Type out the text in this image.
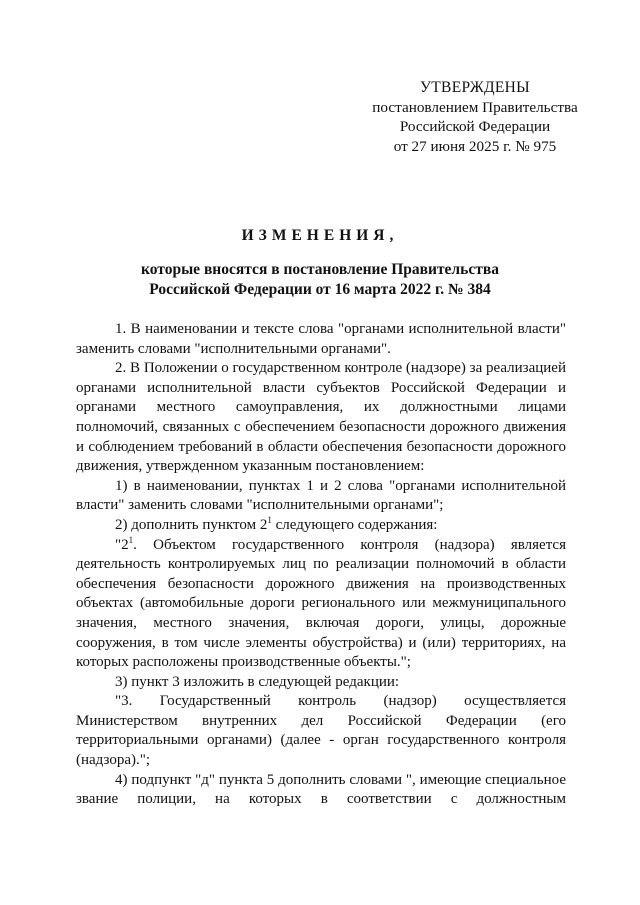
УТВЕРЖДЕНЫ
постановлением Правительства
Российской Федерации
от 27 июня 2025 г. № 975
ИЗМЕНЕНИЯ,
которые вносятся в постановление Правительства
Российской Федерации от 16 марта 2022 г. № 384

1. В наименовании и тексте слова "органами исполнительной власти" заменить словами "исполнительными органами".

2. В Положении о государственном контроле (надзоре) за реализацией органами исполнительной власти субъектов Российской Федерации и органами местного самоуправления, их должностными лицами полномочий, связанных с обеспечением безопасности дорожного движения и соблюдением требований в области обеспечения безопасности дорожного движения, утвержденном указанным постановлением:

1) в наименовании, пунктах 1 и 2 слова "органами исполнительной власти" заменить словами "исполнительными органами";

2) дополнить пунктом $2^1$ следующего содержания:

"$2^1$. Объектом государственного контроля (надзора) является деятельность контролируемых лиц по реализации полномочий в области обеспечения безопасности дорожного движения на производственных объектах (автомобильные дороги регионального или межмуниципального значения, местного значения, включая дороги, улицы, дорожные сооружения, в том числе элементы обустройства) и (или) территориях, на которых расположены производственные объекты.";

3) пункт 3 изложить в следующей редакции:

"3. Государственный контроль (надзор) осуществляется Министерством внутренних дел Российской Федерации (его территориальными органами) (далее - орган государственного контроля (надзора).";

4) подпункт "д" пункта 5 дополнить словами ", имеющие специальное звание полиции, на которых в соответствии с должностным
